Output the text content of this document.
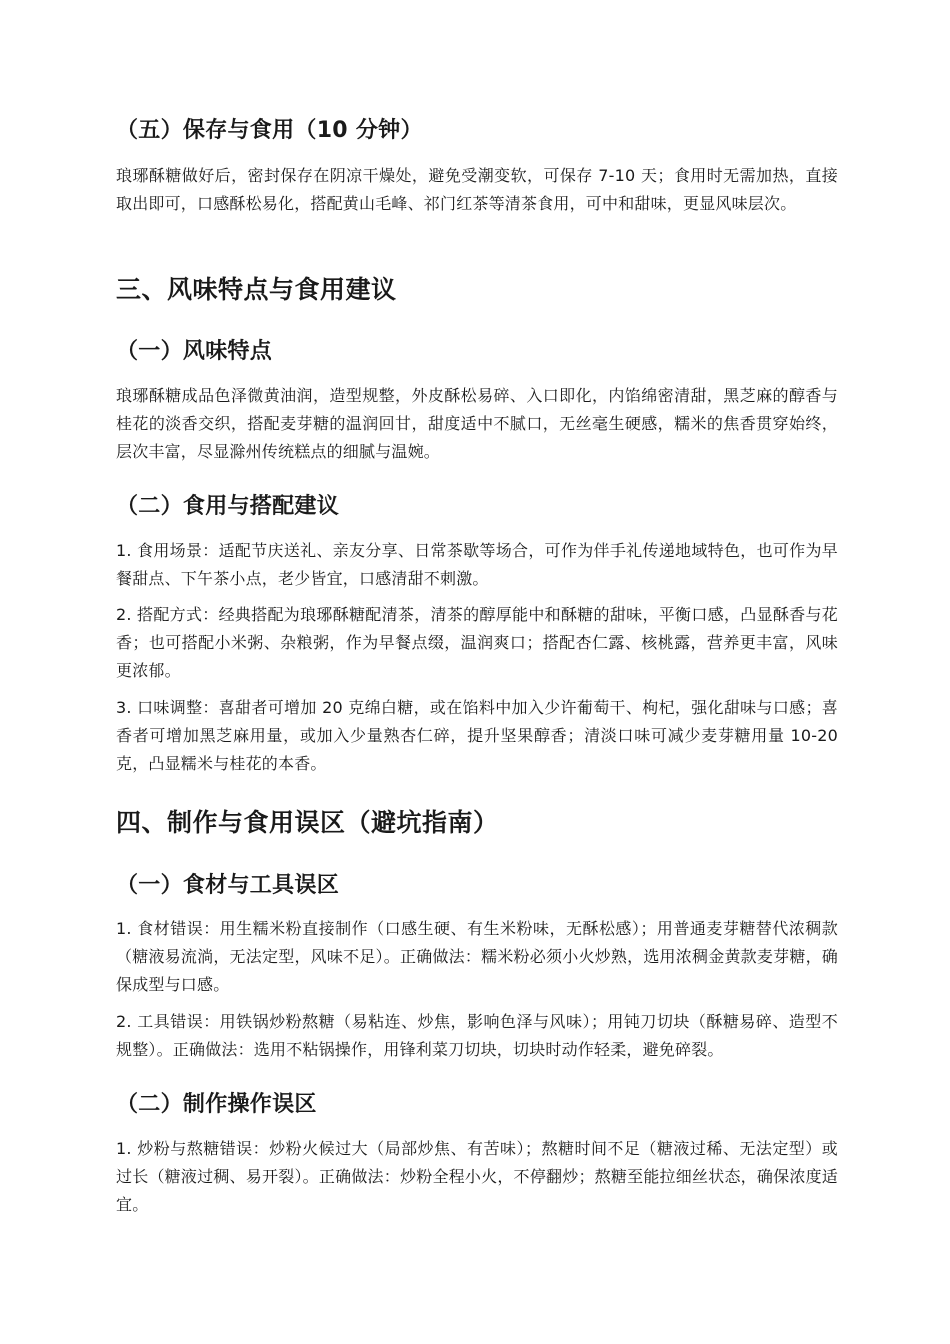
（五）保存与食用（10 分钟）
琅琊酥糖做好后，密封保存在阴凉干燥处，避免受潮变软，可保存 7-10 天；食用时无需加热，直接取出即可，口感酥松易化，搭配黄山毛峰、祁门红茶等清茶食用，可中和甜味，更显风味层次。
三、风味特点与食用建议
（一）风味特点
琅琊酥糖成品色泽微黄油润，造型规整，外皮酥松易碎、入口即化，内馅绵密清甜，黑芝麻的醇香与桂花的淡香交织，搭配麦芽糖的温润回甘，甜度适中不腻口，无丝毫生硬感，糯米的焦香贯穿始终，层次丰富，尽显滁州传统糕点的细腻与温婉。
（二）食用与搭配建议
1. 食用场景：适配节庆送礼、亲友分享、日常茶歇等场合，可作为伴手礼传递地域特色，也可作为早餐甜点、下午茶小点，老少皆宜，口感清甜不刺激。
2. 搭配方式：经典搭配为琅琊酥糖配清茶，清茶的醇厚能中和酥糖的甜味，平衡口感，凸显酥香与花香；也可搭配小米粥、杂粮粥，作为早餐点缀，温润爽口；搭配杏仁露、核桃露，营养更丰富，风味更浓郁。
3. 口味调整：喜甜者可增加 20 克绵白糖，或在馅料中加入少许葡萄干、枸杞，强化甜味与口感；喜香者可增加黑芝麻用量，或加入少量熟杏仁碎，提升坚果醇香；清淡口味可减少麦芽糖用量 10-20 克，凸显糯米与桂花的本香。
四、制作与食用误区（避坑指南）
（一）食材与工具误区
1. 食材错误：用生糯米粉直接制作（口感生硬、有生米粉味，无酥松感）；用普通麦芽糖替代浓稠款（糖液易流淌，无法定型，风味不足）。正确做法：糯米粉必须小火炒熟，选用浓稠金黄款麦芽糖，确保成型与口感。
2. 工具错误：用铁锅炒粉熬糖（易粘连、炒焦，影响色泽与风味）；用钝刀切块（酥糖易碎、造型不规整）。正确做法：选用不粘锅操作，用锋利菜刀切块，切块时动作轻柔，避免碎裂。
（二）制作操作误区
1. 炒粉与熬糖错误：炒粉火候过大（局部炒焦、有苦味）；熬糖时间不足（糖液过稀、无法定型）或过长（糖液过稠、易开裂）。正确做法：炒粉全程小火，不停翻炒；熬糖至能拉细丝状态，确保浓度适宜。
